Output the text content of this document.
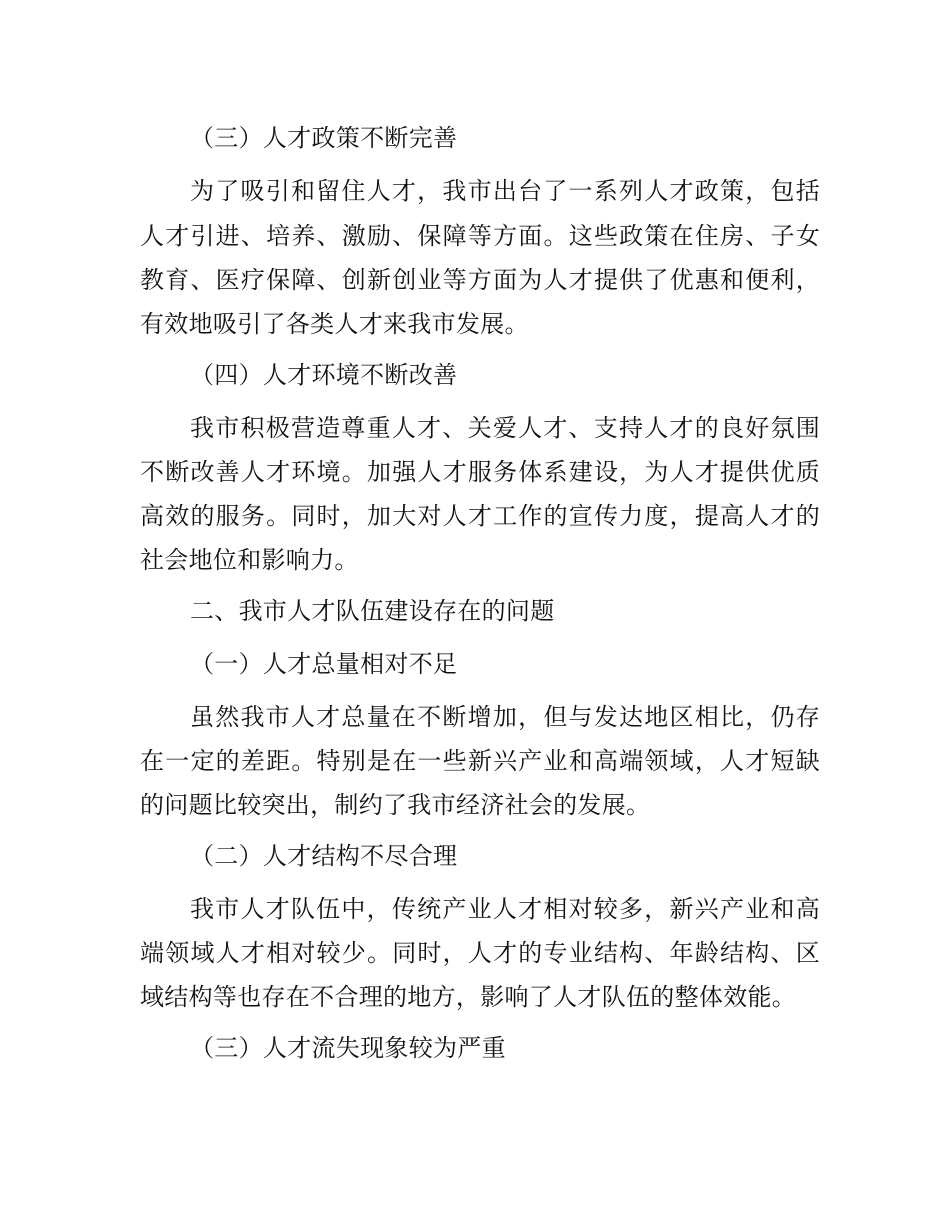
（三）人才政策不断完善
为了吸引和留住人才，我市出台了一系列人才政策，包括
人才引进、培养、激励、保障等方面。这些政策在住房、子女
教育、医疗保障、创新创业等方面为人才提供了优惠和便利，
有效地吸引了各类人才来我市发展。
（四）人才环境不断改善
我市积极营造尊重人才、关爱人才、支持人才的良好氛围
不断改善人才环境。加强人才服务体系建设，为人才提供优质
高效的服务。同时，加大对人才工作的宣传力度，提高人才的
社会地位和影响力。
二、我市人才队伍建设存在的问题
（一）人才总量相对不足
虽然我市人才总量在不断增加，但与发达地区相比，仍存
在一定的差距。特别是在一些新兴产业和高端领域，人才短缺
的问题比较突出，制约了我市经济社会的发展。
（二）人才结构不尽合理
我市人才队伍中，传统产业人才相对较多，新兴产业和高
端领域人才相对较少。同时，人才的专业结构、年龄结构、区
域结构等也存在不合理的地方，影响了人才队伍的整体效能。
（三）人才流失现象较为严重
